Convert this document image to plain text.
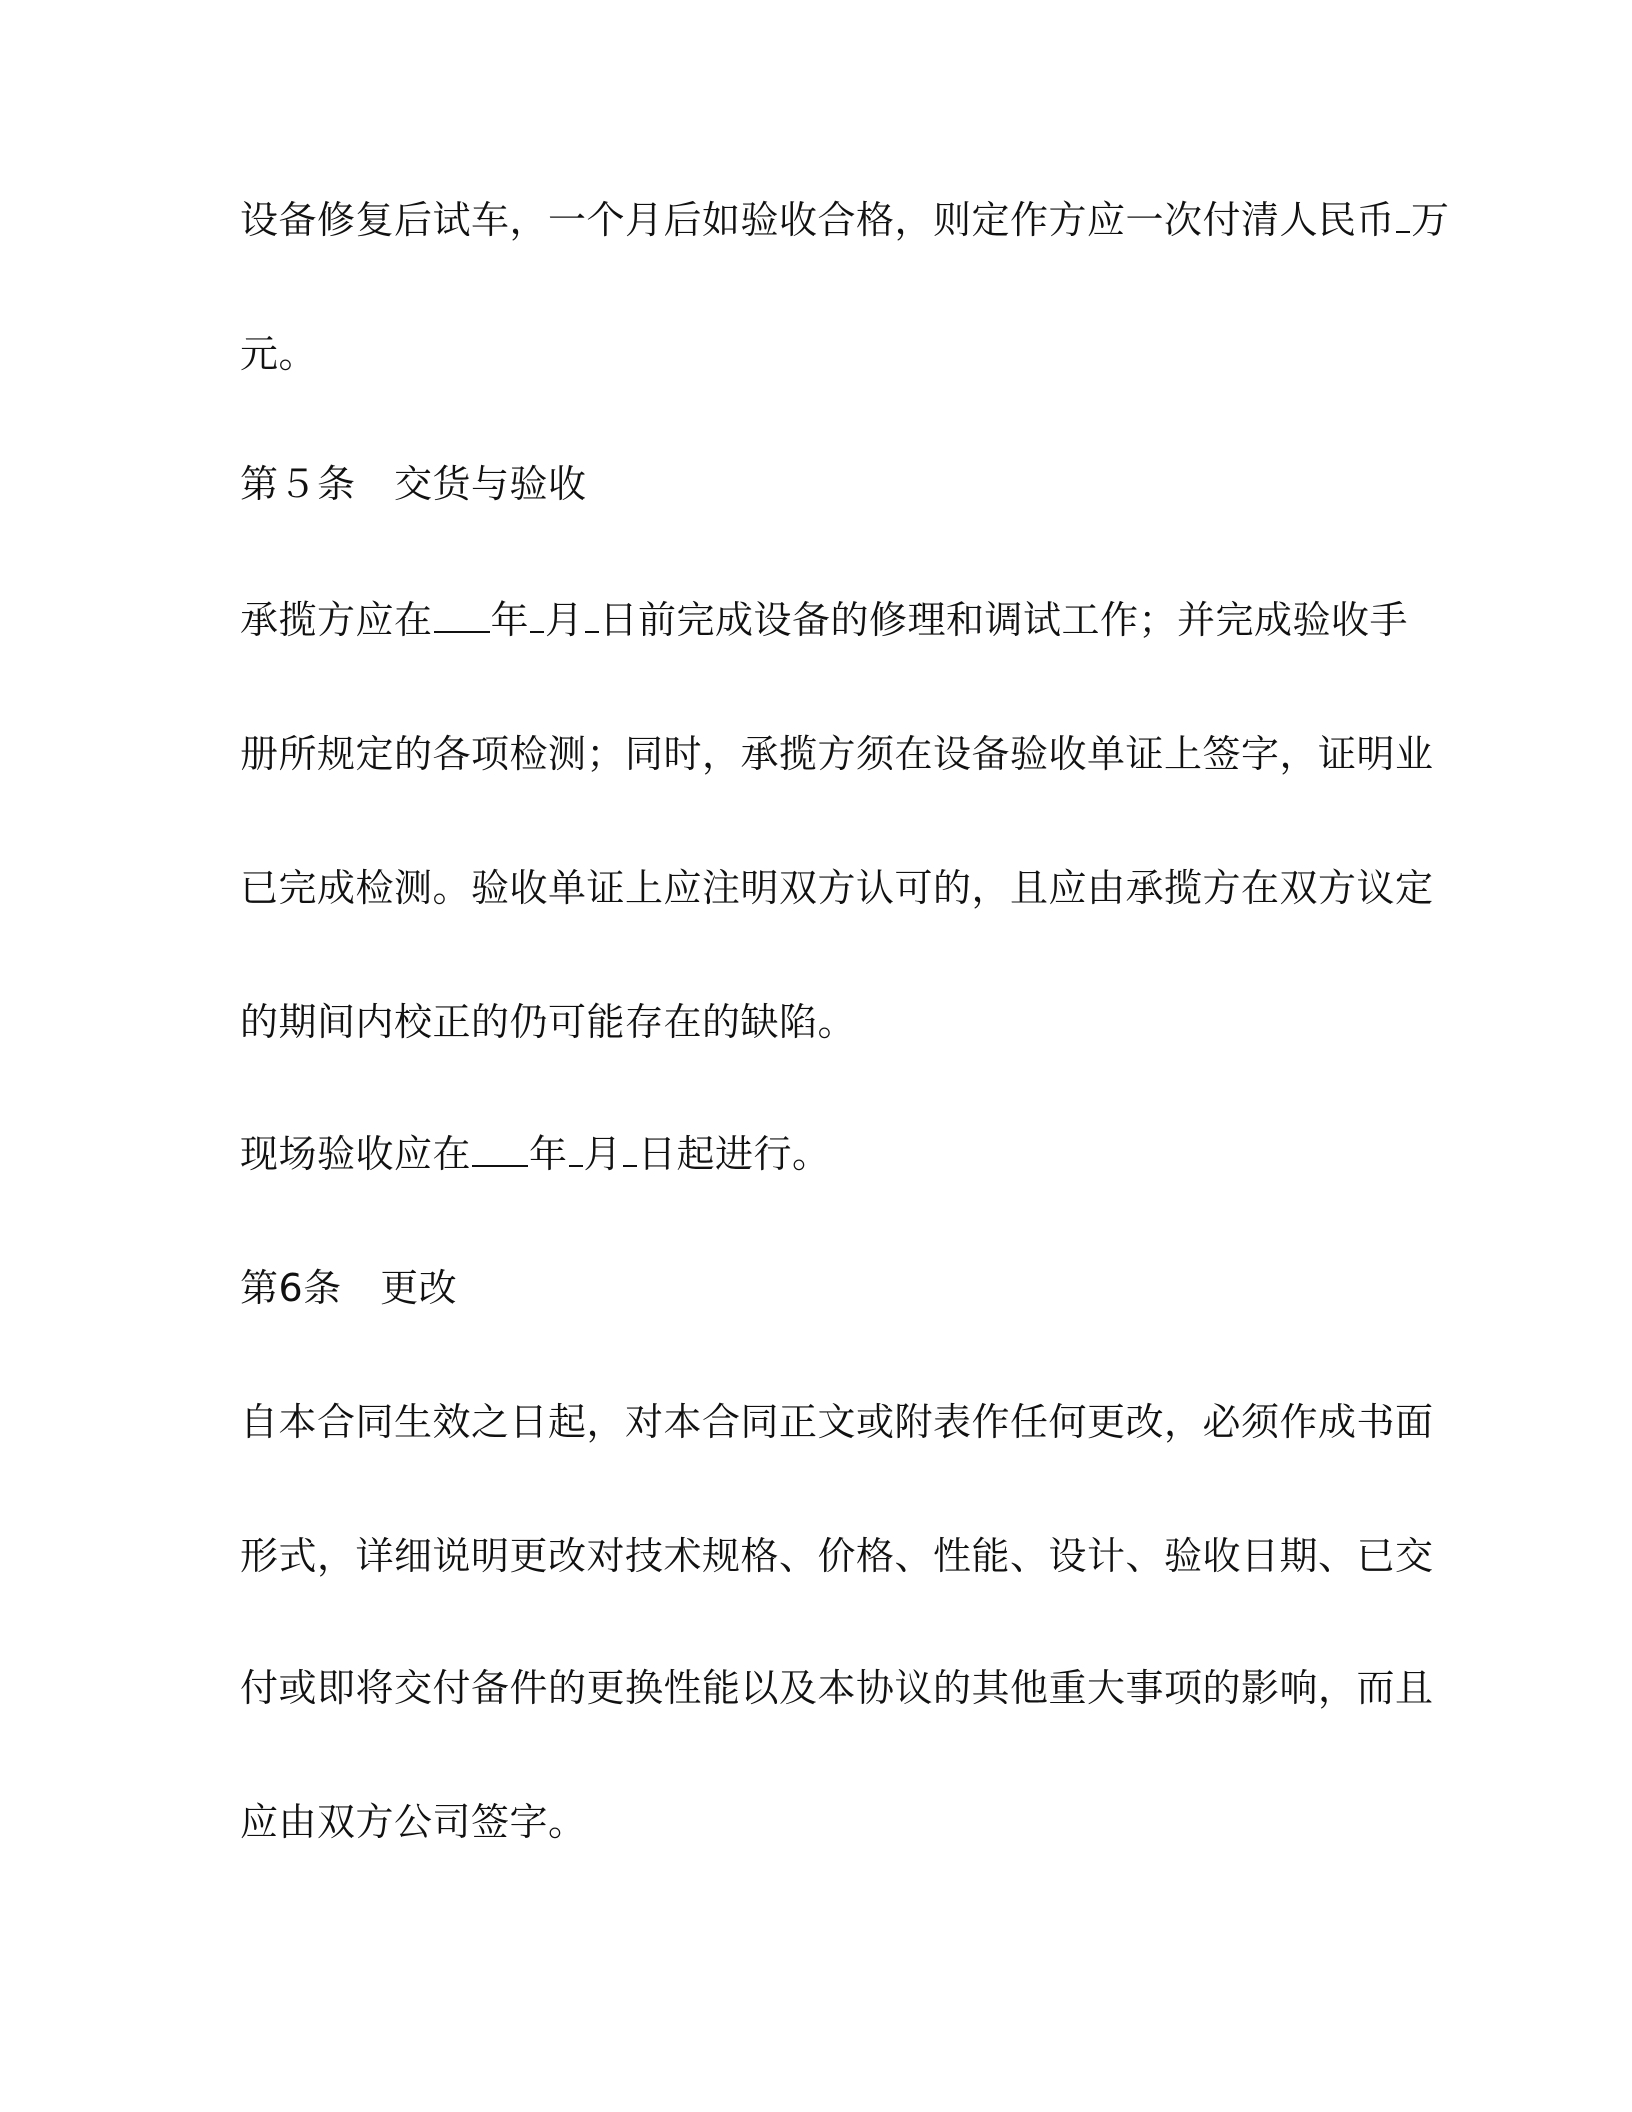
设备修复后试车，一个月后如验收合格，则定作方应一次付清人民币 万
元。
第５条　交货与验收
承揽方应在 年 月 日前完成设备的修理和调试工作；并完成验收手
册所规定的各项检测；同时，承揽方须在设备验收单证上签字，证明业
已完成检测。验收单证上应注明双方认可的，且应由承揽方在双方议定
的期间内校正的仍可能存在的缺陷。
现场验收应在 年 月 日起进行。
第6条　更改
自本合同生效之日起，对本合同正文或附表作任何更改，必须作成书面
形式，详细说明更改对技术规格、价格、性能、设计、验收日期、已交
付或即将交付备件的更换性能以及本协议的其他重大事项的影响，而且
应由双方公司签字。
